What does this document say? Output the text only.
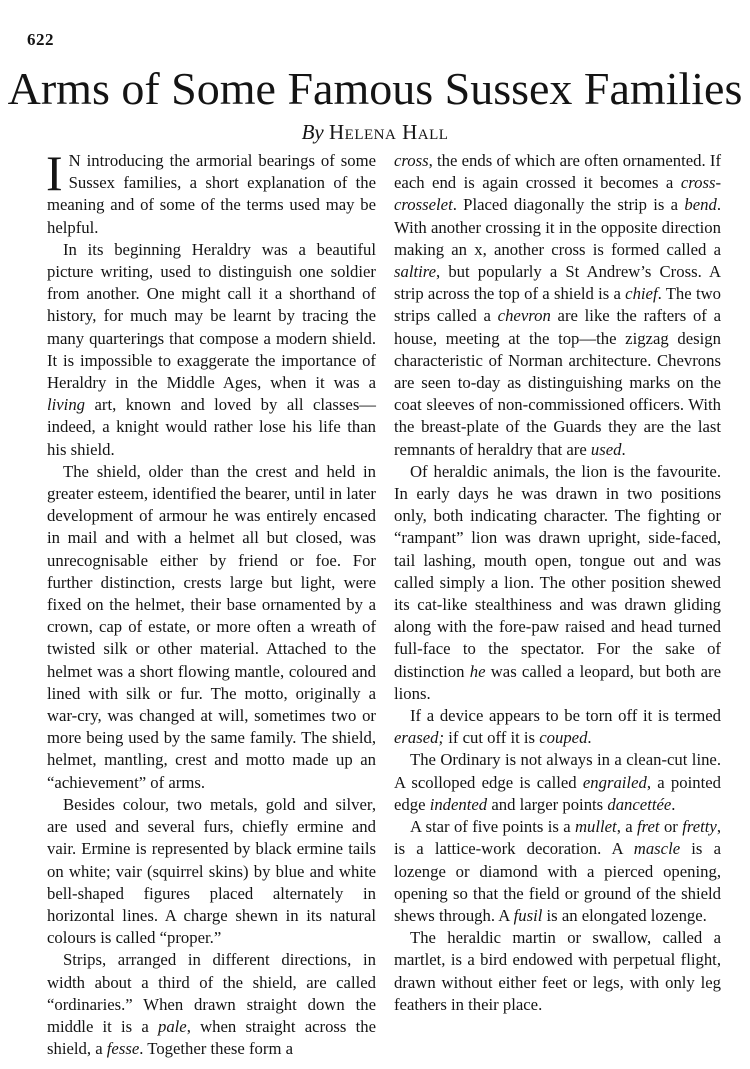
622
Arms of Some Famous Sussex Families
By Helena Hall

I N introducing the armorial bearings of some Sussex families, a short explanation of the meaning and of some of the terms used may be helpful.

In its beginning Heraldry was a beautiful picture writing, used to distinguish one soldier from another. One might call it a shorthand of history, for much may be learnt by tracing the many quarterings that compose a modern shield. It is impossible to exaggerate the importance of Heraldry in the Middle Ages, when it was a living art, known and loved by all classes—indeed, a knight would rather lose his life than his shield.

The shield, older than the crest and held in greater esteem, identified the bearer, until in later development of armour he was entirely encased in mail and with a helmet all but closed, was unrecognisable either by friend or foe. For further distinction, crests large but light, were fixed on the helmet, their base ornamented by a crown, cap of estate, or more often a wreath of twisted silk or other material. Attached to the helmet was a short flowing mantle, coloured and lined with silk or fur. The motto, originally a war-cry, was changed at will, sometimes two or more being used by the same family. The shield, helmet, mantling, crest and motto made up an “achievement” of arms.

Besides colour, two metals, gold and silver, are used and several furs, chiefly ermine and vair. Ermine is represented by black ermine tails on white; vair (squirrel skins) by blue and white bell-shaped figures placed alternately in horizontal lines. A charge shewn in its natural colours is called “proper.”

Strips, arranged in different directions, in width about a third of the shield, are called “ordinaries.” When drawn straight down the middle it is a pale, when straight across the shield, a fesse. Together these form a

cross, the ends of which are often ornamented. If each end is again crossed it becomes a cross-crosselet. Placed diagonally the strip is a bend. With another crossing it in the opposite direction making an x, another cross is formed called a saltire, but popularly a St Andrew’s Cross. A strip across the top of a shield is a chief. The two strips called a chevron are like the rafters of a house, meeting at the top—the zigzag design characteristic of Norman architecture. Chevrons are seen to-day as distinguishing marks on the coat sleeves of non-commissioned officers. With the breast-plate of the Guards they are the last remnants of heraldry that are used.

Of heraldic animals, the lion is the favourite. In early days he was drawn in two positions only, both indicating character. The fighting or “rampant” lion was drawn upright, side-faced, tail lashing, mouth open, tongue out and was called simply a lion. The other position shewed its cat-like stealthiness and was drawn gliding along with the fore-paw raised and head turned full-face to the spectator. For the sake of distinction he was called a leopard, but both are lions.

If a device appears to be torn off it is termed erased; if cut off it is couped.

The Ordinary is not always in a clean-cut line. A scolloped edge is called engrailed, a pointed edge indented and larger points dancettée.

A star of five points is a mullet, a fret or fretty, is a lattice-work decoration. A mascle is a lozenge or diamond with a pierced opening, opening so that the field or ground of the shield shews through. A fusil is an elongated lozenge.

The heraldic martin or swallow, called a martlet, is a bird endowed with perpetual flight, drawn without either feet or legs, with only leg feathers in their place.
